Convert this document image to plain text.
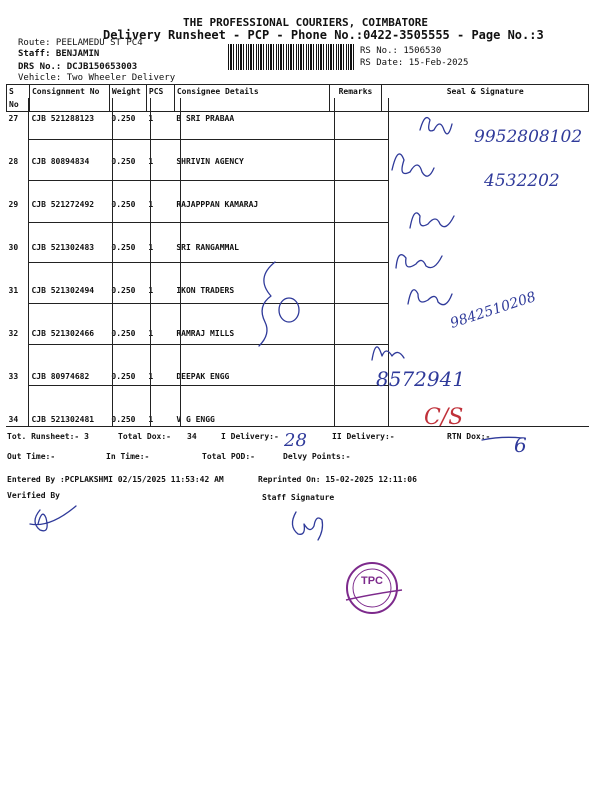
THE PROFESSIONAL COURIERS, COIMBATORE
Delivery Runsheet - PCP - Phone No.:0422-3505555 - Page No.:3
Route: PEELAMEDU ST PC4
Staff: BENJAMIN
DRS No.: DCJB150653003
Vehicle: Two Wheeler Delivery
RS No.: 1506530
RS Date: 15-Feb-2025
S No	Consignment No	Weight	PCS	Consignee Details	Remarks	Seal & Signature
27	CJB 521288123	0.250	1	B SRI PRABAA		
28	CJB 80894834	0.250	1	SHRIVIN AGENCY		
29	CJB 521272492	0.250	1	RAJAPPPAN KAMARAJ		
30	CJB 521302483	0.250	1	SRI RANGAMMAL		
31	CJB 521302494	0.250	1	IKON TRADERS		
32	CJB 521302466	0.250	1	RAMRAJ MILLS		
33	CJB 80974682	0.250	1	DEEPAK ENGG		
34	CJB 521302481	0.250	1	V G ENGG		
Tot. Runsheet:- 3	Total Dox:- 34	I Delivery:-	II Delivery:-	RTN Dox:-
Out Time:-	In Time:-	Total POD:-	Delvy Points:-
Entered By :PCPLAKSHMI 02/15/2025 11:53:42 AM	Reprinted On: 15-02-2025 12:11:06
Verified By	Staff Signature
9952808102
4532202
9842510208
8572941
C/S
28	6
TPC
